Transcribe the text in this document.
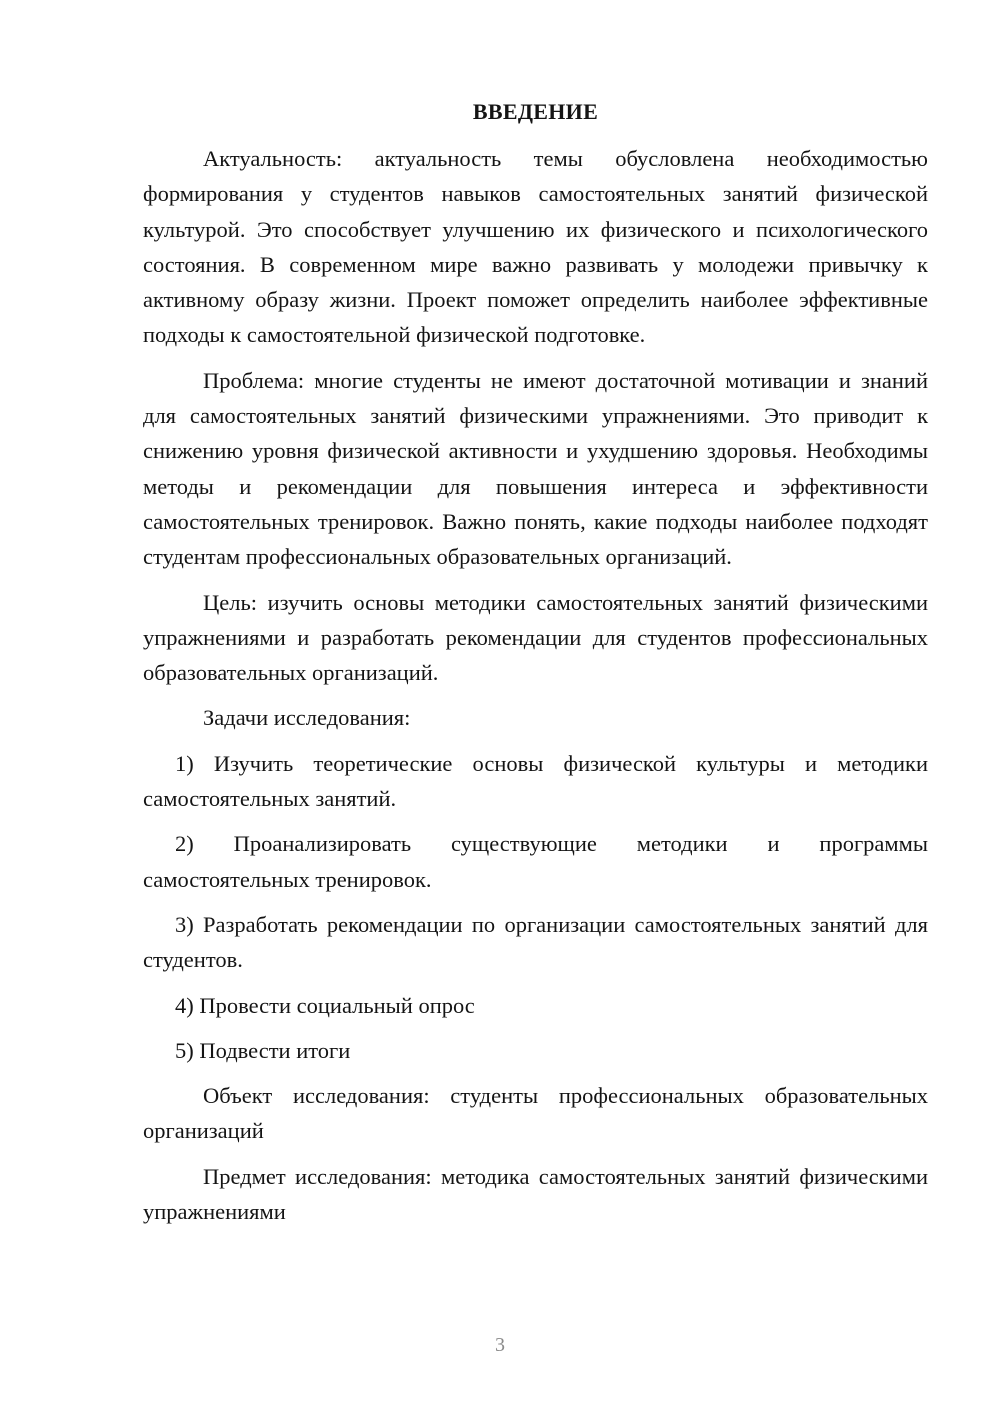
ВВЕДЕНИЕ

Актуальность: актуальность темы обусловлена необходимостью формирования у студентов навыков самостоятельных занятий физической культурой. Это способствует улучшению их физического и психологического состояния. В современном мире важно развивать у молодежи привычку к активному образу жизни. Проект поможет определить наиболее эффективные подходы к самостоятельной физической подготовке.

Проблема: многие студенты не имеют достаточной мотивации и знаний для самостоятельных занятий физическими упражнениями. Это приводит к снижению уровня физической активности и ухудшению здоровья. Необходимы методы и рекомендации для повышения интереса и эффективности самостоятельных тренировок. Важно понять, какие подходы наиболее подходят студентам профессиональных образовательных организаций.

Цель: изучить основы методики самостоятельных занятий физическими упражнениями и разработать рекомендации для студентов профессиональных образовательных организаций.

Задачи исследования:

1) Изучить теоретические основы физической культуры и методики самостоятельных занятий.

2) Проанализировать существующие методики и программы самостоятельных тренировок.

3) Разработать рекомендации по организации самостоятельных занятий для студентов.

4) Провести социальный опрос

5) Подвести итоги

Объект исследования: студенты профессиональных образовательных организаций

Предмет исследования: методика самостоятельных занятий физическими упражнениями

3
